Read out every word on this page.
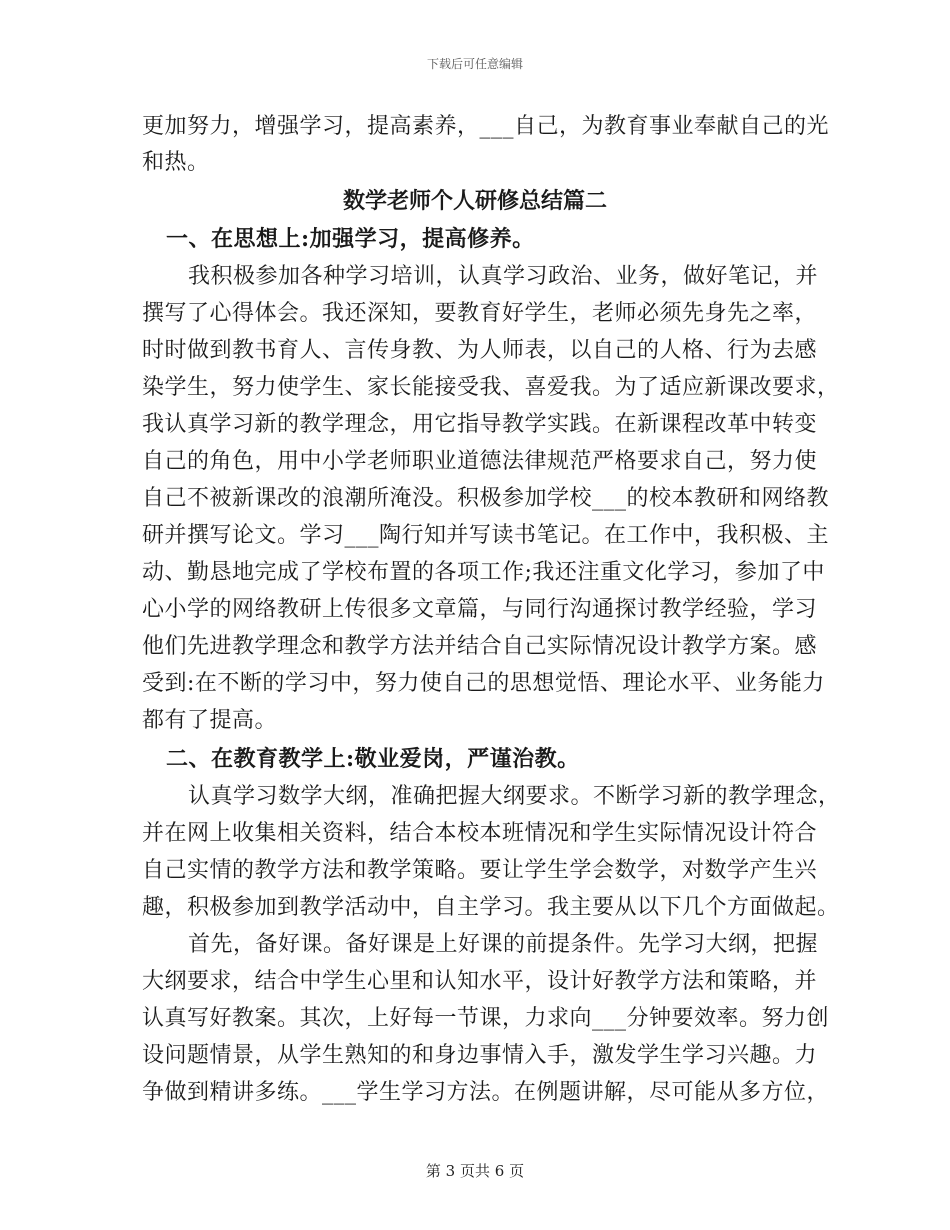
下载后可任意编辑
更加努力，增强学习，提高素养，___自己，为教育事业奉献自己的光
和热。
数学老师个人研修总结篇二
一、在思想上:加强学习，提高修养。
我积极参加各种学习培训，认真学习政治、业务，做好笔记，并
撰写了心得体会。我还深知，要教育好学生，老师必须先身先之率，
时时做到教书育人、言传身教、为人师表，以自己的人格、行为去感
染学生，努力使学生、家长能接受我、喜爱我。为了适应新课改要求，
我认真学习新的教学理念，用它指导教学实践。在新课程改革中转变
自己的角色，用中小学老师职业道德法律规范严格要求自己，努力使
自己不被新课改的浪潮所淹没。积极参加学校___的校本教研和网络教
研并撰写论文。学习___陶行知并写读书笔记。在工作中，我积极、主
动、勤恳地完成了学校布置的各项工作;我还注重文化学习，参加了中
心小学的网络教研上传很多文章篇，与同行沟通探讨教学经验，学习
他们先进教学理念和教学方法并结合自己实际情况设计教学方案。感
受到:在不断的学习中，努力使自己的思想觉悟、理论水平、业务能力
都有了提高。
二、在教育教学上:敬业爱岗，严谨治教。
认真学习数学大纲，准确把握大纲要求。不断学习新的教学理念，
并在网上收集相关资料，结合本校本班情况和学生实际情况设计符合
自己实情的教学方法和教学策略。要让学生学会数学，对数学产生兴
趣，积极参加到教学活动中，自主学习。我主要从以下几个方面做起。
首先，备好课。备好课是上好课的前提条件。先学习大纲，把握
大纲要求，结合中学生心里和认知水平，设计好教学方法和策略，并
认真写好教案。其次，上好每一节课，力求向___分钟要效率。努力创
设问题情景，从学生熟知的和身边事情入手，激发学生学习兴趣。力
争做到精讲多练。___学生学习方法。在例题讲解，尽可能从多方位，
第 3 页共 6 页
